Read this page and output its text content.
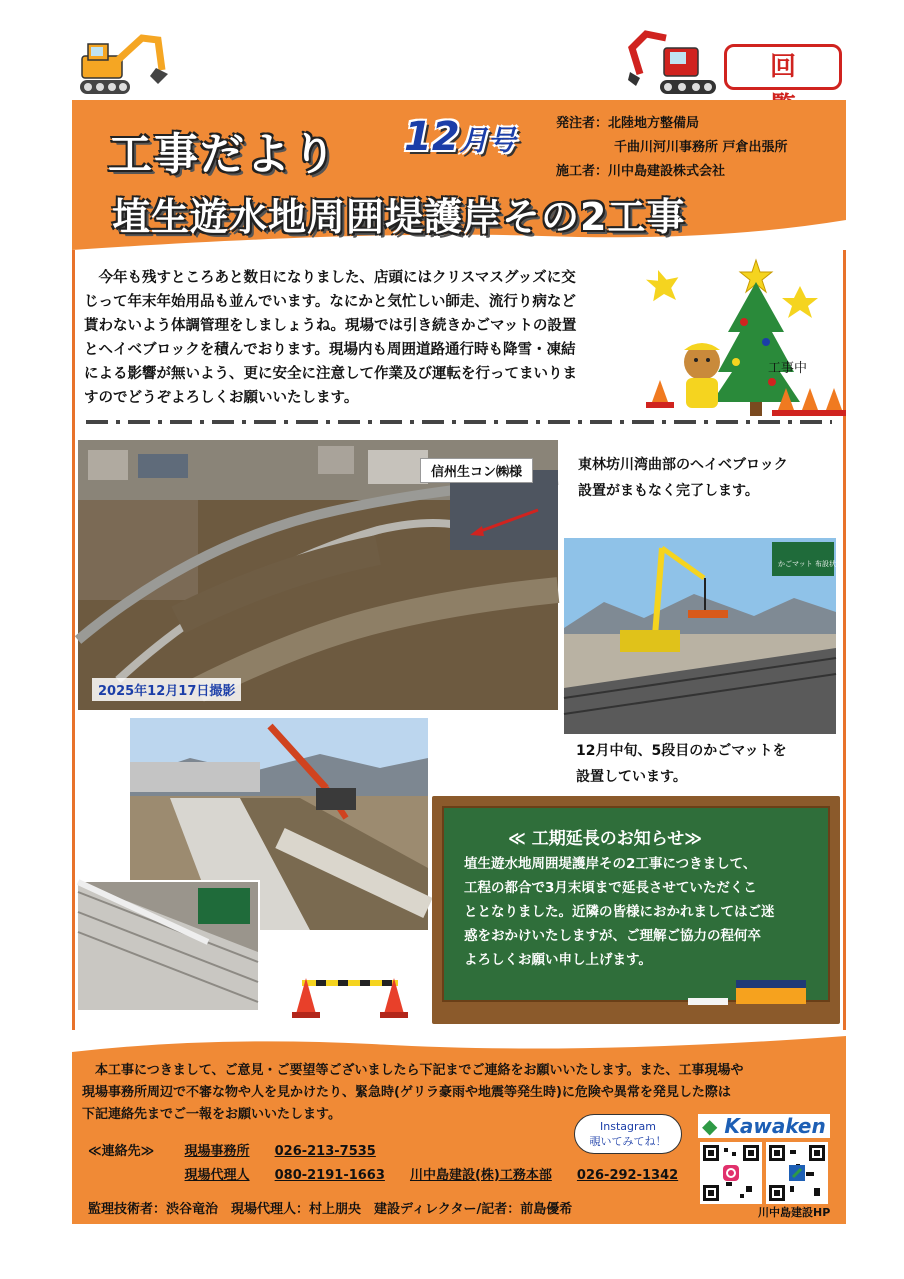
回
工事だより 12月号
埴生遊水地周囲堤護岸その2工事
発注者：北陸地方整備局
千曲川河川事務所 戸倉出張所
施工者：川中島建設株式会社
今年も残すところあと数日になりました、店頭にはクリスマスグッズに交
じって年末年始用品も並んでいます。なにかと気忙しい師走、流行り病など
貰わないよう体調管理をしましょうね。現場では引き続きかごマットの設置
とヘイベブロックを積んでおります。現場内も周囲道路通行時も降雪・凍結
による影響が無いよう、更に安全に注意して作業及び運転を行ってまいりま
すのでどうぞよろしくお願いいたします。
工事中
信州生コン㈱様
2025年12月17日撮影
東林坊川湾曲部のヘイベブロック
設置がまもなく完了します。
かごマット 布設状況
12月中旬、5段目のかごマットを
設置しています。
≪ 工期延長のお知らせ≫
埴生遊水地周囲堤護岸その2工事につきまして、
工程の都合で3月末頃まで延長させていただくこ
ととなりました。近隣の皆様におかれましてはご迷
惑をおかけいたしますが、ご理解ご協力の程何卒
よろしくお願い申し上げます。
本工事につきまして、ご意見・ご要望等ございましたら下記までご連絡をお願いいたします。また、工事現場や
現場事務所周辺で不審な物や人を見かけたり、緊急時(ゲリラ豪雨や地震等発生時)に危険や異常を発見した際は
下記連絡先までご一報をお願いいたします。
≪連絡先≫ 現場事務所 026-213-7535
現場代理人 080-2191-1663 川中島建設(株)工務本部 026-292-1342
監理技術者：渋谷竜治　現場代理人：村上朋央　建設ディレクター/記者：前島優希
Instagram
覗いてみてね！
◆ Kawaken
川中島建設HP
